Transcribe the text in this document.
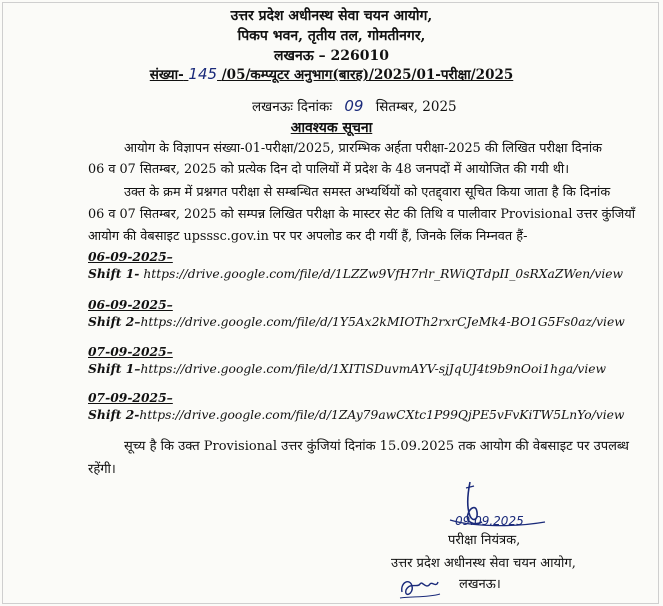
उत्तर प्रदेश अधीनस्थ सेवा चयन आयोग,
पिकप भवन, तृतीय तल, गोमतीनगर,
लखनऊ – 226010
संख्या- 145 /05/कम्प्यूटर अनुभाग(बारह)/2025/01-परीक्षा/2025
लखनऊः दिनांकः 09 सितम्बर, 2025
आवश्यक सूचना
आयोग के विज्ञापन संख्या-01-परीक्षा/2025, प्रारम्भिक अर्हता परीक्षा-2025 की लिखित परीक्षा दिनांक
06 व 07 सितम्बर, 2025 को प्रत्येक दिन दो पालियों में प्रदेश के 48 जनपदों में आयोजित की गयी थी।
उक्त के क्रम में प्रश्नगत परीक्षा से सम्बन्धित समस्त अभ्यर्थियों को एतद्द्वारा सूचित किया जाता है कि दिनांक
06 व 07 सितम्बर, 2025 को सम्पन्न लिखित परीक्षा के मास्टर सेट की तिथि व पालीवार Provisional उत्तर कुंजियाँ
आयोग की वेबसाइट upsssc.gov.in पर पर अपलोड कर दी गयीं हैं, जिनके लिंक निम्नवत हैं-
06-09-2025–
Shift 1- https://drive.google.com/file/d/1LZZw9VfH7rlr_RWiQTdpII_0sRXaZWen/view
06-09-2025–
Shift 2–https://drive.google.com/file/d/1Y5Ax2kMIOTh2rxrCJeMk4-BO1G5Fs0az/view
07-09-2025–
Shift 1–https://drive.google.com/file/d/1XITlSDuvmAYV-sjJqUJ4t9b9nOoi1hga/view
07-09-2025–
Shift 2-https://drive.google.com/file/d/1ZAy79awCXtc1P99QjPE5vFvKiTW5LnYo/view
सूच्य है कि उक्त Provisional उत्तर कुंजियां दिनांक 15.09.2025 तक आयोग की वेबसाइट पर उपलब्ध
रहेंगी।
09.09.2025
परीक्षा नियंत्रक,
उत्तर प्रदेश अधीनस्थ सेवा चयन आयोग,
लखनऊ।
